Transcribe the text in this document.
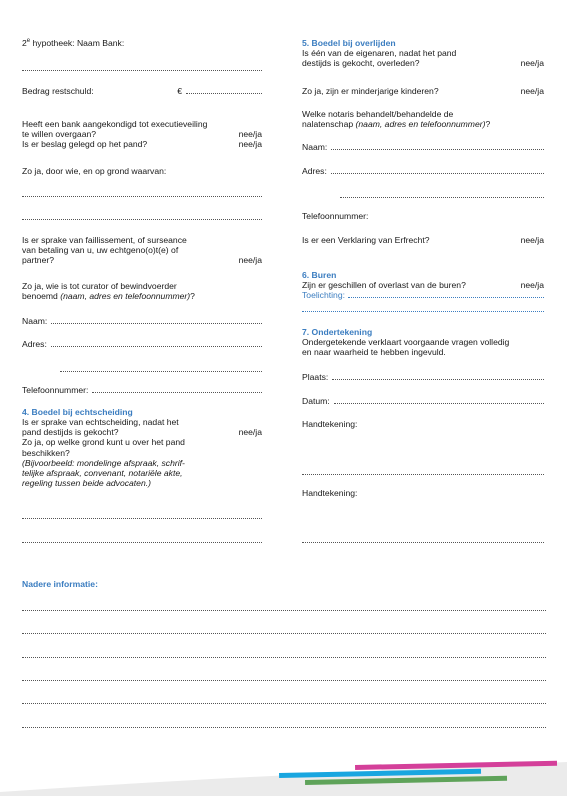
2e hypotheek: Naam Bank:
Bedrag restschuld:	€
Heeft een bank aangekondigd tot executieveiling
te willen overgaan?	nee/ja
Is er beslag gelegd op het pand?	nee/ja
Zo ja, door wie, en op grond waarvan:
Is er sprake van faillissement, of surseance
van betaling van u, uw echtgeno(o)t(e) of
partner?	nee/ja
Zo ja, wie is tot curator of bewindvoerder
benoemd (naam, adres en telefoonnummer)?
Naam:
Adres:
Telefoonnummer:
4. Boedel bij echtscheiding
Is er sprake van echtscheiding, nadat het
pand destijds is gekocht?	nee/ja
Zo ja, op welke grond kunt u over het pand
beschikken?
(Bijvoorbeeld: mondelinge afspraak, schrif-
telijke afspraak, convenant, notariële akte,
regeling tussen beide advocaten.)
5. Boedel bij overlijden
Is één van de eigenaren, nadat het pand
destijds is gekocht, overleden?	nee/ja
Zo ja, zijn er minderjarige kinderen?	nee/ja
Welke notaris behandelt/behandelde de
nalatenschap (naam, adres en telefoonnummer)?
Naam:
Adres:
Telefoonnummer:
Is er een Verklaring van Erfrecht?	nee/ja
6. Buren
Zijn er geschillen of overlast van de buren?	nee/ja
Toelichting:
7. Ondertekening
Ondergetekende verklaart voorgaande vragen volledig
en naar waarheid te hebben ingevuld.
Plaats:
Datum:
Handtekening:
Handtekening:
Nadere informatie:
